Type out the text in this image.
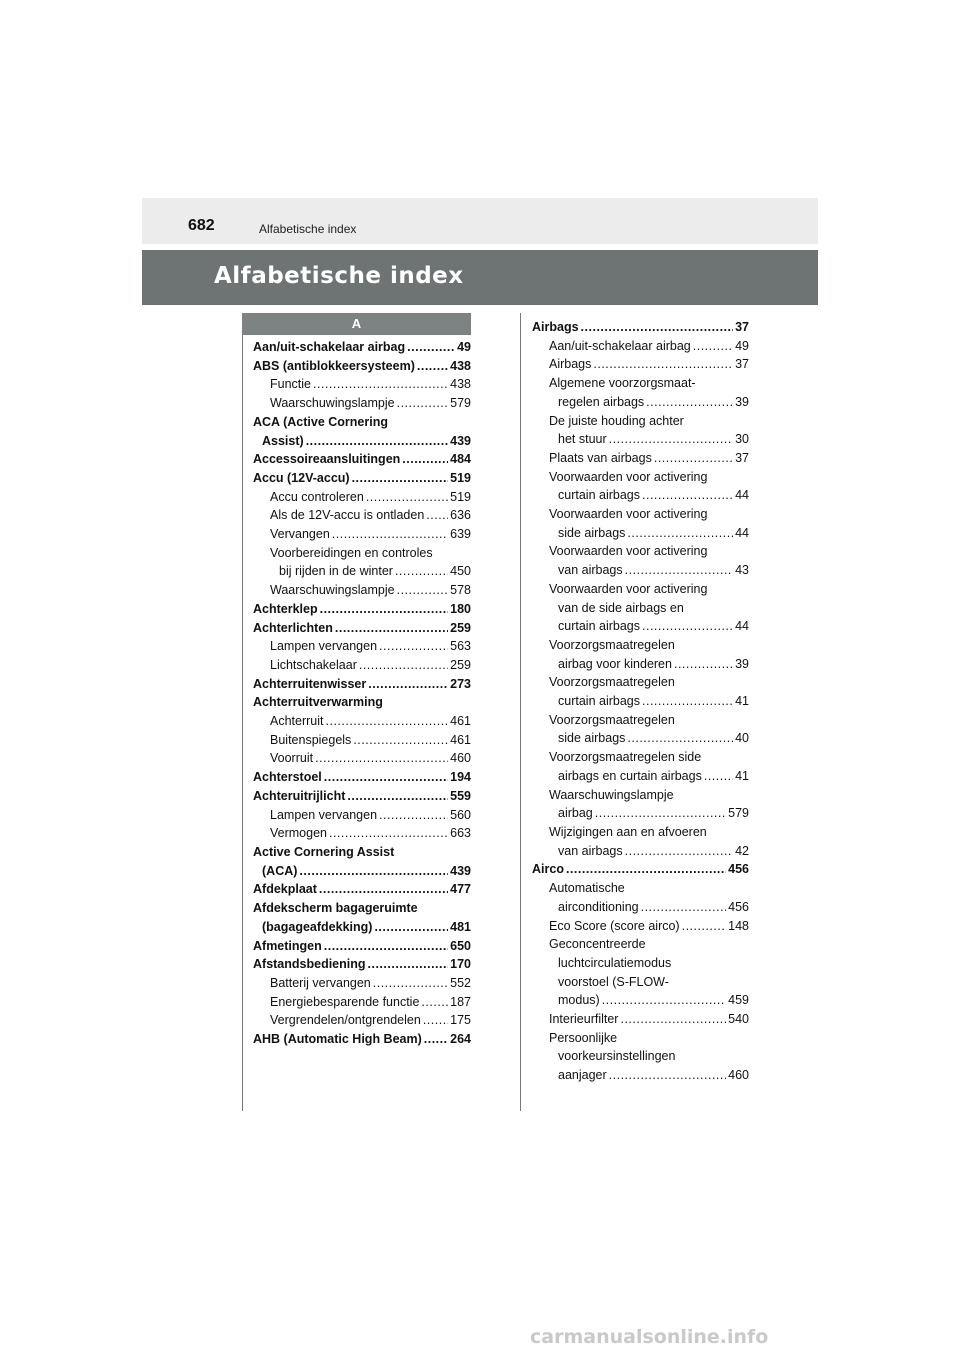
682	Alfabetische index
Alfabetische index
A
Aan/uit-schakelaar airbag .....	49
ABS (antiblokkeersysteem) .....	438
Functie .....	438
Waarschuwingslampje .....	579
ACA (Active Cornering
Assist) .....	439
Accessoireaansluitingen .....	484
Accu (12V-accu) .....	519
Accu controleren .....	519
Als de 12V-accu is ontladen ..... 636
Vervangen .....	639
Voorbereidingen en controles
bij rijden in de winter .....	450
Waarschuwingslampje .....	578
Achterklep .....	180
Achterlichten .....	259
Lampen vervangen .....	563
Lichtschakelaar .....	259
Achterruitenwisser .....	273
Achterruitverwarming
Achterruit .....	461
Buitenspiegels .....	461
Voorruit .....	460
Achterstoel .....	194
Achteruitrijlicht .....	559
Lampen vervangen .....	560
Vermogen .....	663
Active Cornering Assist
(ACA) .....	439
Afdekplaat .....	477
Afdekscherm bagageruimte
(bagageafdekking) .....	481
Afmetingen .....	650
Afstandsbediening .....	170
Batterij vervangen .....	552
Energiebesparende functie ..... 187
Vergrendelen/ontgrendelen ..... 175
AHB (Automatic High Beam) ..... 264
Airbags .....	37
Aan/uit-schakelaar airbag .....	49
Airbags .....	37
Algemene voorzorgsmaat-
regelen airbags .....	39
De juiste houding achter
het stuur .....	30
Plaats van airbags .....	37
Voorwaarden voor activering
curtain airbags .....	44
Voorwaarden voor activering
side airbags .....	44
Voorwaarden voor activering
van airbags .....	43
Voorwaarden voor activering
van de side airbags en
curtain airbags .....	44
Voorzorgsmaatregelen
airbag voor kinderen .....	39
Voorzorgsmaatregelen
curtain airbags .....	41
Voorzorgsmaatregelen
side airbags .....	40
Voorzorgsmaatregelen side
airbags en curtain airbags .....	41
Waarschuwingslampje
airbag .....	579
Wijzigingen aan en afvoeren
van airbags .....	42
Airco .....	456
Automatische
airconditioning .....	456
Eco Score (score airco) .....	148
Geconcentreerde
luchtcirculatiemodus
voorstoel (S-FLOW-
modus) .....	459
Interieurfilter .....	540
Persoonlijke
voorkeursinstellingen
aanjager .....	460
carmanualsonline.info
